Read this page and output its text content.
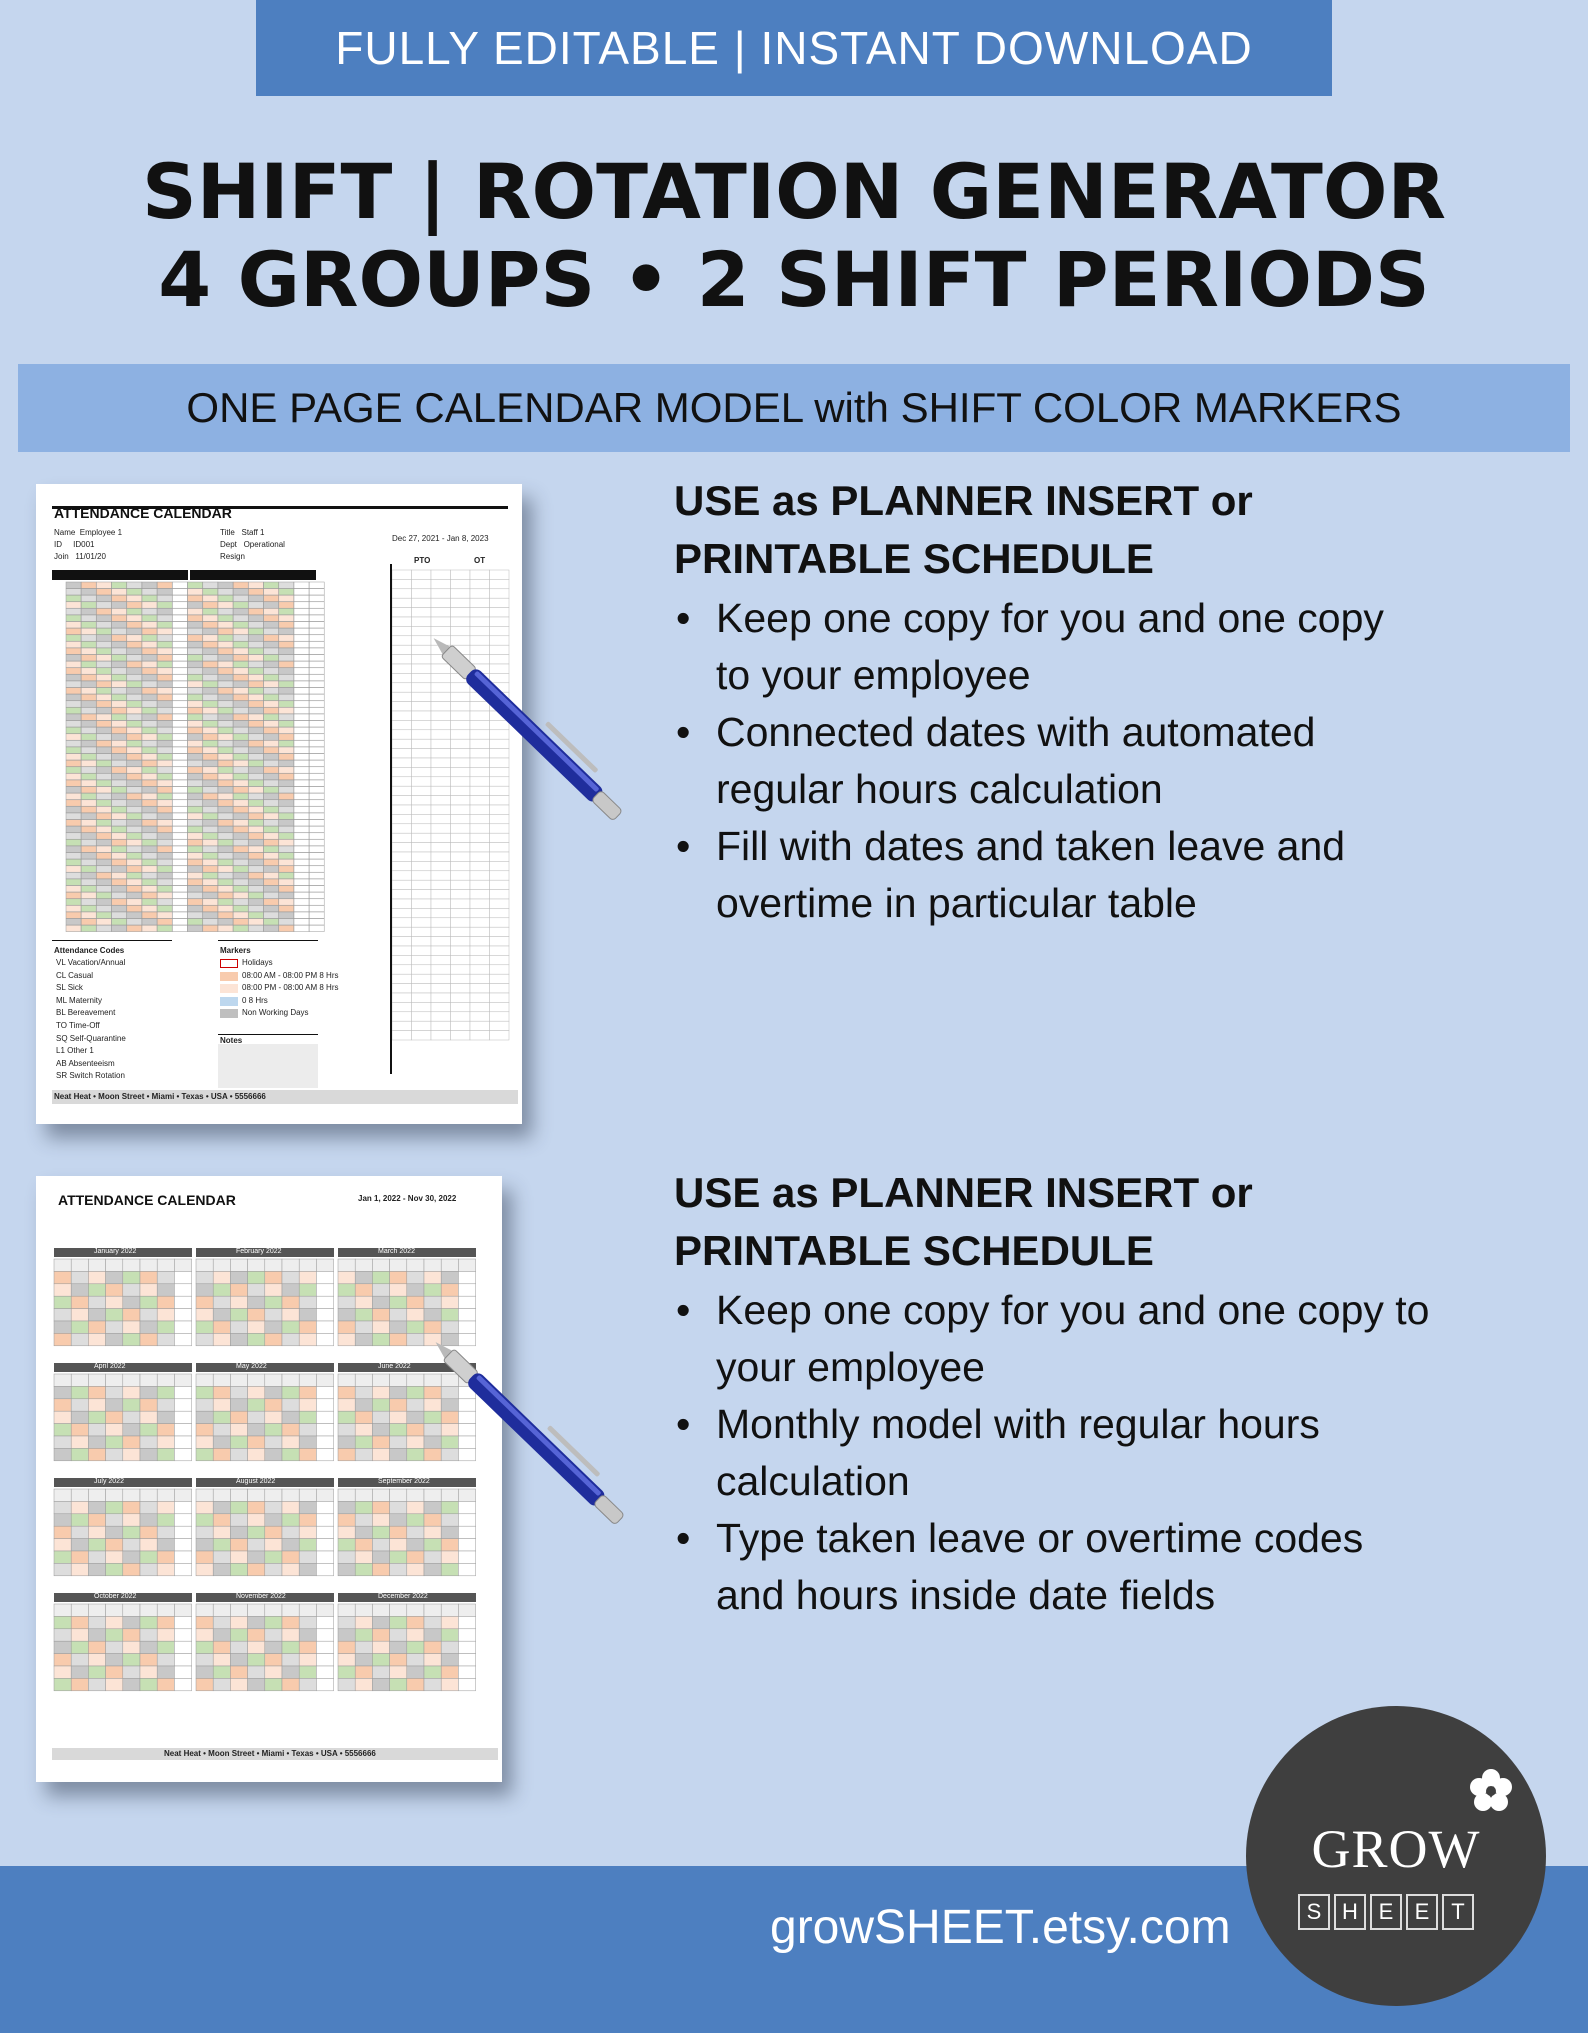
FULLY EDITABLE | INSTANT DOWNLOAD
SHIFT | ROTATION GENERATOR
4 GROUPS • 2 SHIFT PERIODS
ONE PAGE CALENDAR MODEL with SHIFT COLOR MARKERS
ATTENDANCE CALENDAR
Name Employee 1
ID ID001
Join 11/01/20
Title Staff 1
Dept Operational
Resign
Dec 27, 2021 - Jan 8, 2023
PTO	OT
Attendance Codes
VL Vacation/Annual
CL Casual
SL Sick
ML Maternity
BL Bereavement
TO Time-Off
SQ Self-Quarantine
L1 Other 1
AB Absenteeism
SR Switch Rotation
Markers
Holidays
08:00 AM - 08:00 PM 8 Hrs
08:00 PM - 08:00 AM 8 Hrs
0 8 Hrs
Non Working Days
Notes
Neat Heat • Moon Street • Miami • Texas • USA • 5556666
ATTENDANCE CALENDAR	Jan 1, 2022 - Nov 30, 2022
January 2022	February 2022	March 2022
April 2022	May 2022	June 2022
July 2022	August 2022	September 2022
October 2022	November 2022	December 2022
Neat Heat • Moon Street • Miami • Texas • USA • 5556666
USE as PLANNER INSERT or
PRINTABLE SCHEDULE
• Keep one copy for you and one copy
to your employee
• Connected dates with automated
regular hours calculation
• Fill with dates and taken leave and
overtime in particular table
USE as PLANNER INSERT or
PRINTABLE SCHEDULE
• Keep one copy for you and one copy to
your employee
• Monthly model with regular hours
calculation
• Type taken leave or overtime codes
and hours inside date fields
growSHEET.etsy.com
GROW
S H E E T
